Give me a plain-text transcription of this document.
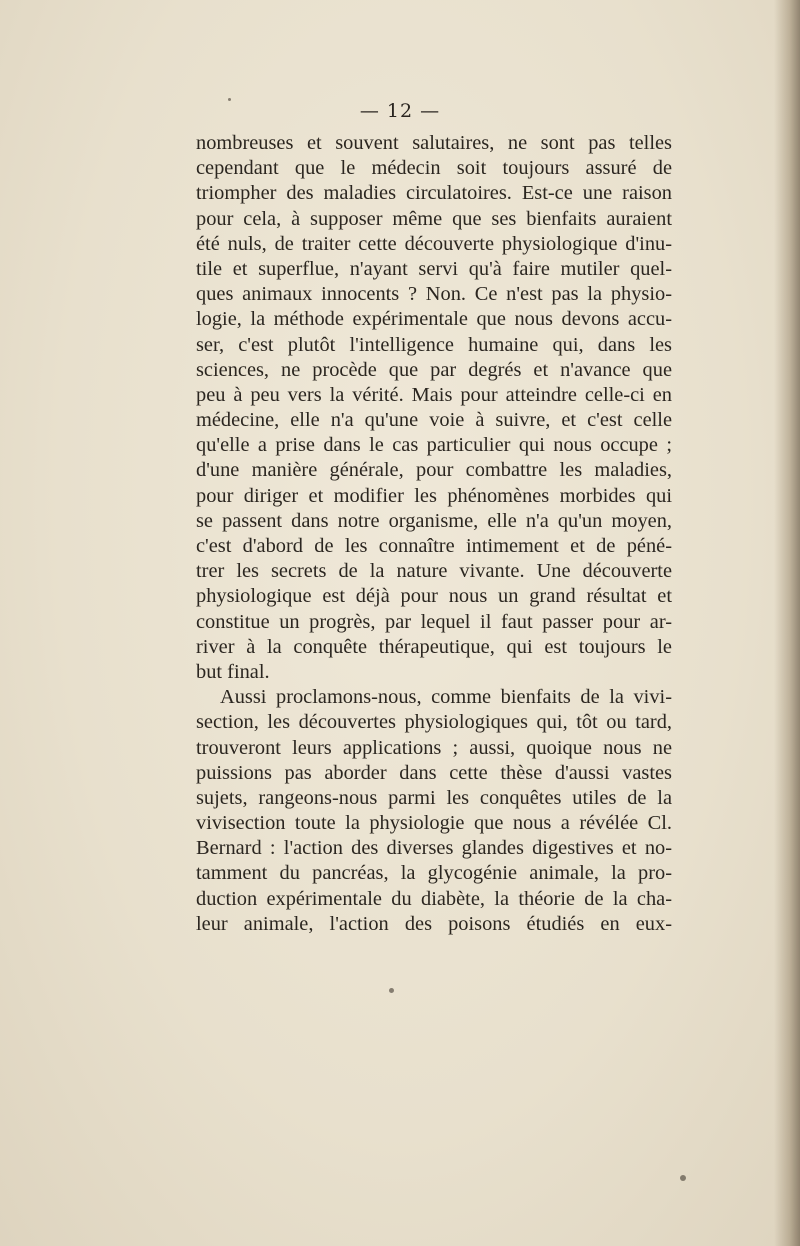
— 12 —
nombreuses et souvent salutaires, ne sont pas telles
cependant que le médecin soit toujours assuré de
triompher des maladies circulatoires. Est-ce une raison
pour cela, à supposer même que ses bienfaits auraient
été nuls, de traiter cette découverte physiologique d'inu-
tile et superflue, n'ayant servi qu'à faire mutiler quel-
ques animaux innocents ? Non. Ce n'est pas la physio-
logie, la méthode expérimentale que nous devons accu-
ser, c'est plutôt l'intelligence humaine qui, dans les
sciences, ne procède que par degrés et n'avance que
peu à peu vers la vérité. Mais pour atteindre celle-ci en
médecine, elle n'a qu'une voie à suivre, et c'est celle
qu'elle a prise dans le cas particulier qui nous occupe ;
d'une manière générale, pour combattre les maladies,
pour diriger et modifier les phénomènes morbides qui
se passent dans notre organisme, elle n'a qu'un moyen,
c'est d'abord de les connaître intimement et de péné-
trer les secrets de la nature vivante. Une découverte
physiologique est déjà pour nous un grand résultat et
constitue un progrès, par lequel il faut passer pour ar-
river à la conquête thérapeutique, qui est toujours le
but final.
Aussi proclamons-nous, comme bienfaits de la vivi-
section, les découvertes physiologiques qui, tôt ou tard,
trouveront leurs applications ; aussi, quoique nous ne
puissions pas aborder dans cette thèse d'aussi vastes
sujets, rangeons-nous parmi les conquêtes utiles de la
vivisection toute la physiologie que nous a révélée Cl.
Bernard : l'action des diverses glandes digestives et no-
tamment du pancréas, la glycogénie animale, la pro-
duction expérimentale du diabète, la théorie de la cha-
leur animale, l'action des poisons étudiés en eux-
